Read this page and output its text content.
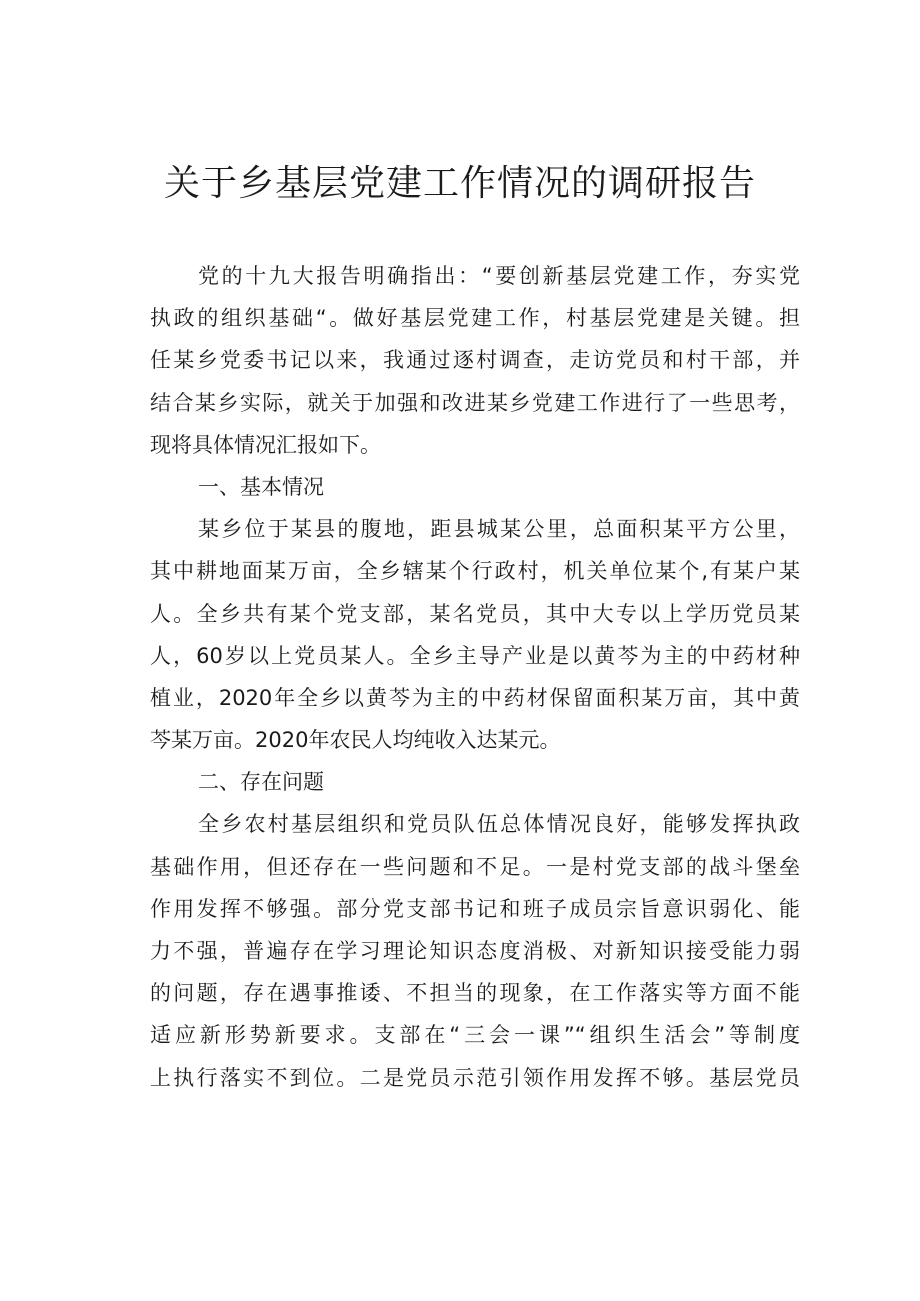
关于乡基层党建工作情况的调研报告
党的十九大报告明确指出：“要创新基层党建工作，夯实党
执政的组织基础“。做好基层党建工作，村基层党建是关键。担
任某乡党委书记以来，我通过逐村调查，走访党员和村干部，并
结合某乡实际，就关于加强和改进某乡党建工作进行了一些思考，
现将具体情况汇报如下。
一、基本情况
某乡位于某县的腹地，距县城某公里，总面积某平方公里，
其中耕地面某万亩，全乡辖某个行政村，机关单位某个,有某户某
人。全乡共有某个党支部，某名党员，其中大专以上学历党员某
人，60岁以上党员某人。全乡主导产业是以黄芩为主的中药材种
植业，2020年全乡以黄芩为主的中药材保留面积某万亩，其中黄
芩某万亩。2020年农民人均纯收入达某元。
二、存在问题
全乡农村基层组织和党员队伍总体情况良好，能够发挥执政
基础作用，但还存在一些问题和不足。一是村党支部的战斗堡垒
作用发挥不够强。部分党支部书记和班子成员宗旨意识弱化、能
力不强，普遍存在学习理论知识态度消极、对新知识接受能力弱
的问题，存在遇事推诿、不担当的现象，在工作落实等方面不能
适应新形势新要求。支部在“三会一课”“组织生活会”等制度
上执行落实不到位。二是党员示范引领作用发挥不够。基层党员
